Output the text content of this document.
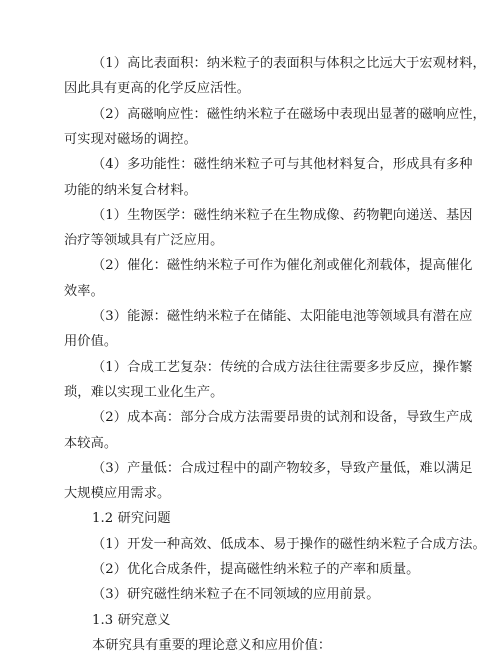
（1）高比表面积：纳米粒子的表面积与体积之比远大于宏观材料，
因此具有更高的化学反应活性。
（2）高磁响应性：磁性纳米粒子在磁场中表现出显著的磁响应性，
可实现对磁场的调控。
（4）多功能性：磁性纳米粒子可与其他材料复合，形成具有多种
功能的纳米复合材料。
（1）生物医学：磁性纳米粒子在生物成像、药物靶向递送、基因
治疗等领域具有广泛应用。
（2）催化：磁性纳米粒子可作为催化剂或催化剂载体，提高催化
效率。
（3）能源：磁性纳米粒子在储能、太阳能电池等领域具有潜在应
用价值。
（1）合成工艺复杂：传统的合成方法往往需要多步反应，操作繁
琐，难以实现工业化生产。
（2）成本高：部分合成方法需要昂贵的试剂和设备，导致生产成
本较高。
（3）产量低：合成过程中的副产物较多，导致产量低，难以满足
大规模应用需求。
1.2 研究问题
（1）开发一种高效、低成本、易于操作的磁性纳米粒子合成方法。
（2）优化合成条件，提高磁性纳米粒子的产率和质量。
（3）研究磁性纳米粒子在不同领域的应用前景。
1.3 研究意义
本研究具有重要的理论意义和应用价值：
